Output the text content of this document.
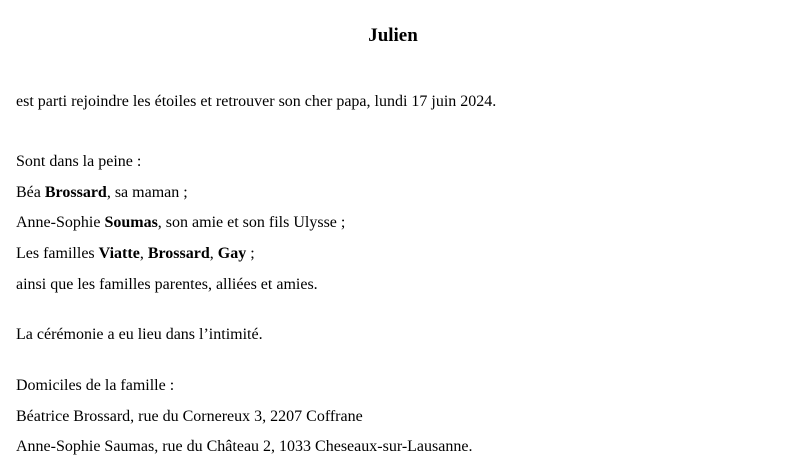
Julien
est parti rejoindre les étoiles et retrouver son cher papa, lundi 17 juin 2024.
Sont dans la peine :
Béa Brossard, sa maman ;
Anne-Sophie Soumas, son amie et son fils Ulysse ;
Les familles Viatte, Brossard, Gay ;
ainsi que les familles parentes, alliées et amies.
La cérémonie a eu lieu dans l’intimité.
Domiciles de la famille :
Béatrice Brossard, rue du Cornereux 3, 2207 Coffrane
Anne-Sophie Saumas, rue du Château 2, 1033 Cheseaux-sur-Lausanne.
